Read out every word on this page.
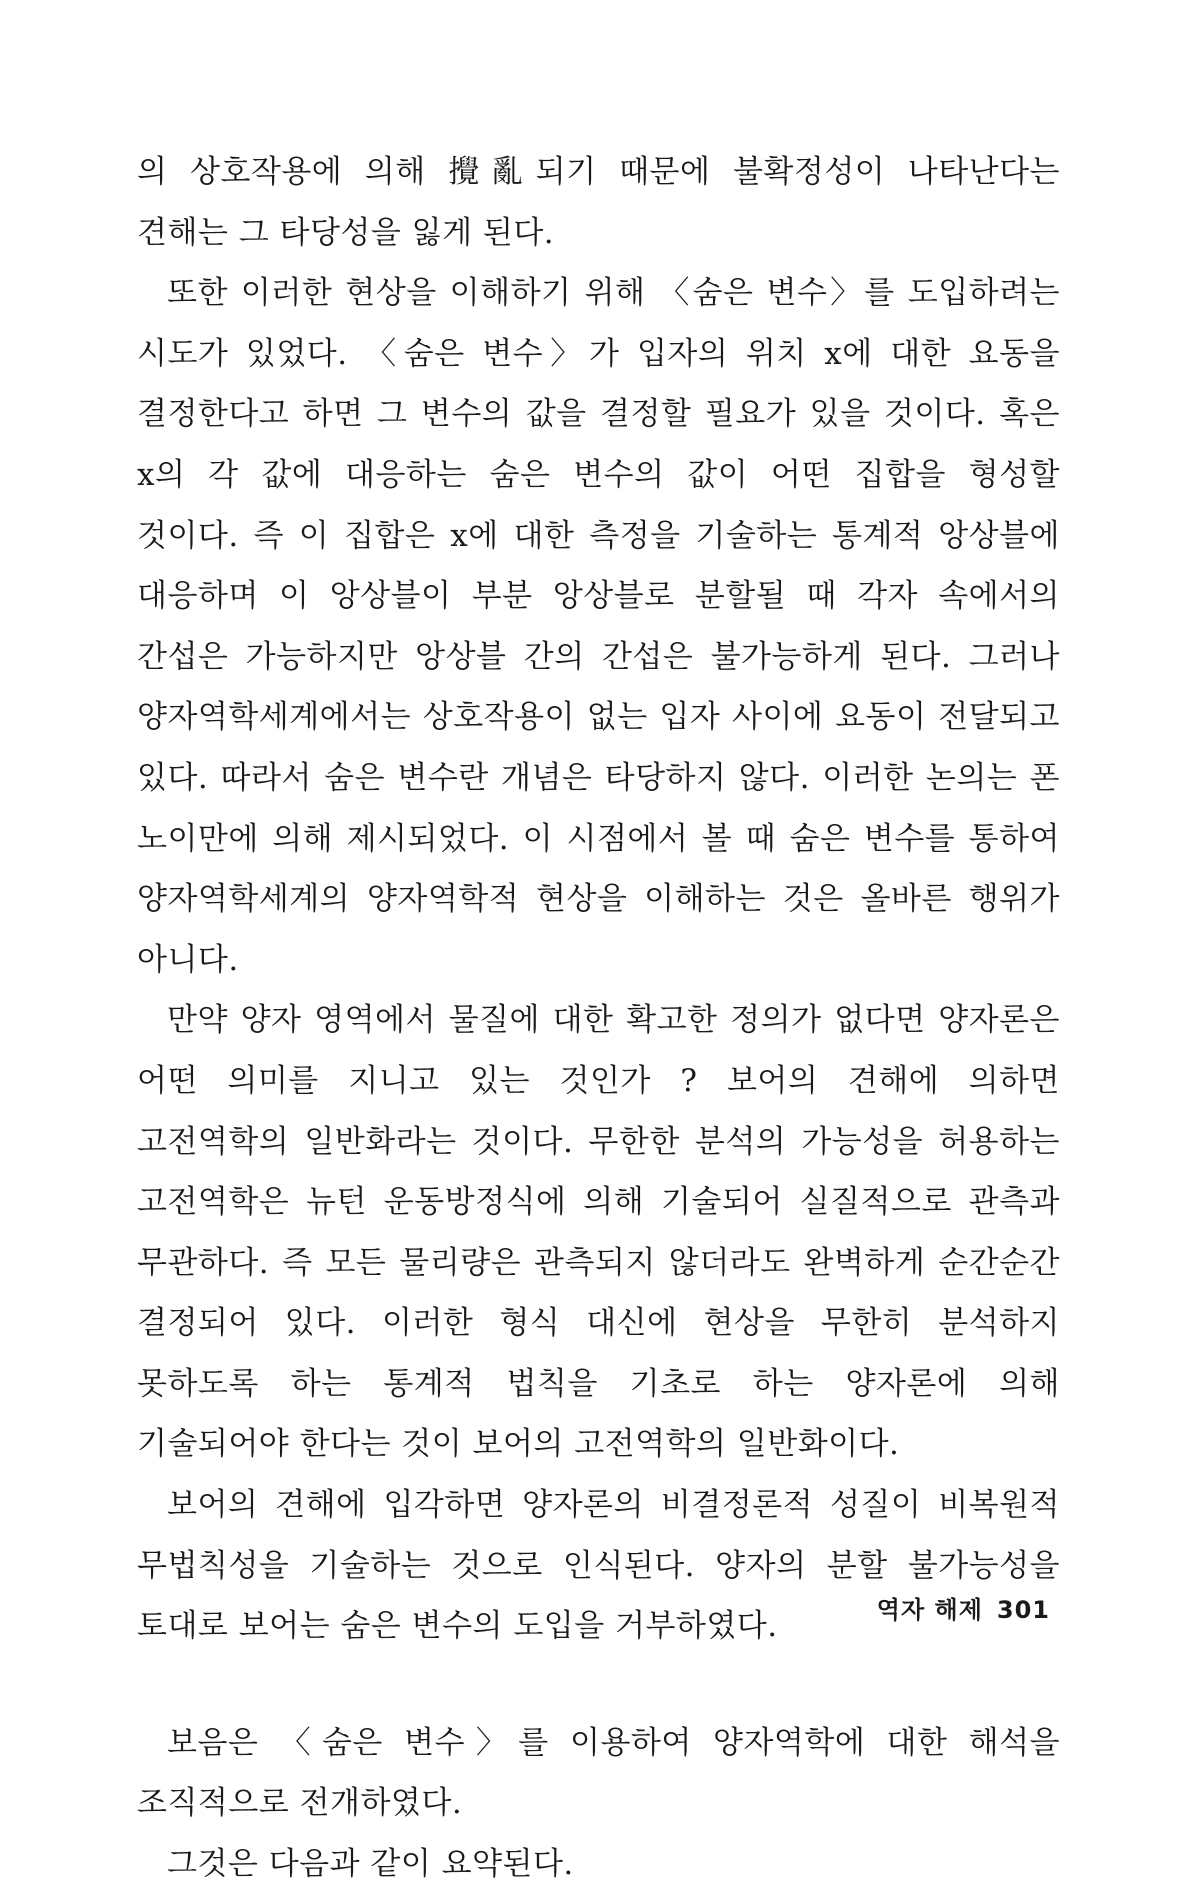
의 상호작용에 의해 攪亂되기 때문에 불확정성이 나타난다는 견해는 그 타당성을 잃게 된다.

또한 이러한 현상을 이해하기 위해 〈숨은 변수〉를 도입하려는 시도가 있었다. 〈숨은 변수〉가 입자의 위치 x에 대한 요동을 결정한다고 하면 그 변수의 값을 결정할 필요가 있을 것이다. 혹은 x의 각 값에 대응하는 숨은 변수의 값이 어떤 집합을 형성할 것이다. 즉 이 집합은 x에 대한 측정을 기술하는 통계적 앙상블에 대응하며 이 앙상블이 부분 앙상블로 분할될 때 각자 속에서의 간섭은 가능하지만 앙상블 간의 간섭은 불가능하게 된다. 그러나 양자역학세계에서는 상호작용이 없는 입자 사이에 요동이 전달되고 있다. 따라서 숨은 변수란 개념은 타당하지 않다. 이러한 논의는 폰 노이만에 의해 제시되었다. 이 시점에서 볼 때 숨은 변수를 통하여 양자역학세계의 양자역학적 현상을 이해하는 것은 올바른 행위가 아니다.

만약 양자 영역에서 물질에 대한 확고한 정의가 없다면 양자론은 어떤 의미를 지니고 있는 것인가 ? 보어의 견해에 의하면 고전역학의 일반화라는 것이다. 무한한 분석의 가능성을 허용하는 고전역학은 뉴턴 운동방정식에 의해 기술되어 실질적으로 관측과 무관하다. 즉 모든 물리량은 관측되지 않더라도 완벽하게 순간순간 결정되어 있다. 이러한 형식 대신에 현상을 무한히 분석하지 못하도록 하는 통계적 법칙을 기초로 하는 양자론에 의해 기술되어야 한다는 것이 보어의 고전역학의 일반화이다.

보어의 견해에 입각하면 양자론의 비결정론적 성질이 비복원적 무법칙성을 기술하는 것으로 인식된다. 양자의 분할 불가능성을 토대로 보어는 숨은 변수의 도입을 거부하였다.

보음은 〈숨은 변수〉를 이용하여 양자역학에 대한 해석을 조직적으로 전개하였다.

그것은 다음과 같이 요약된다.

역자 해제 301
